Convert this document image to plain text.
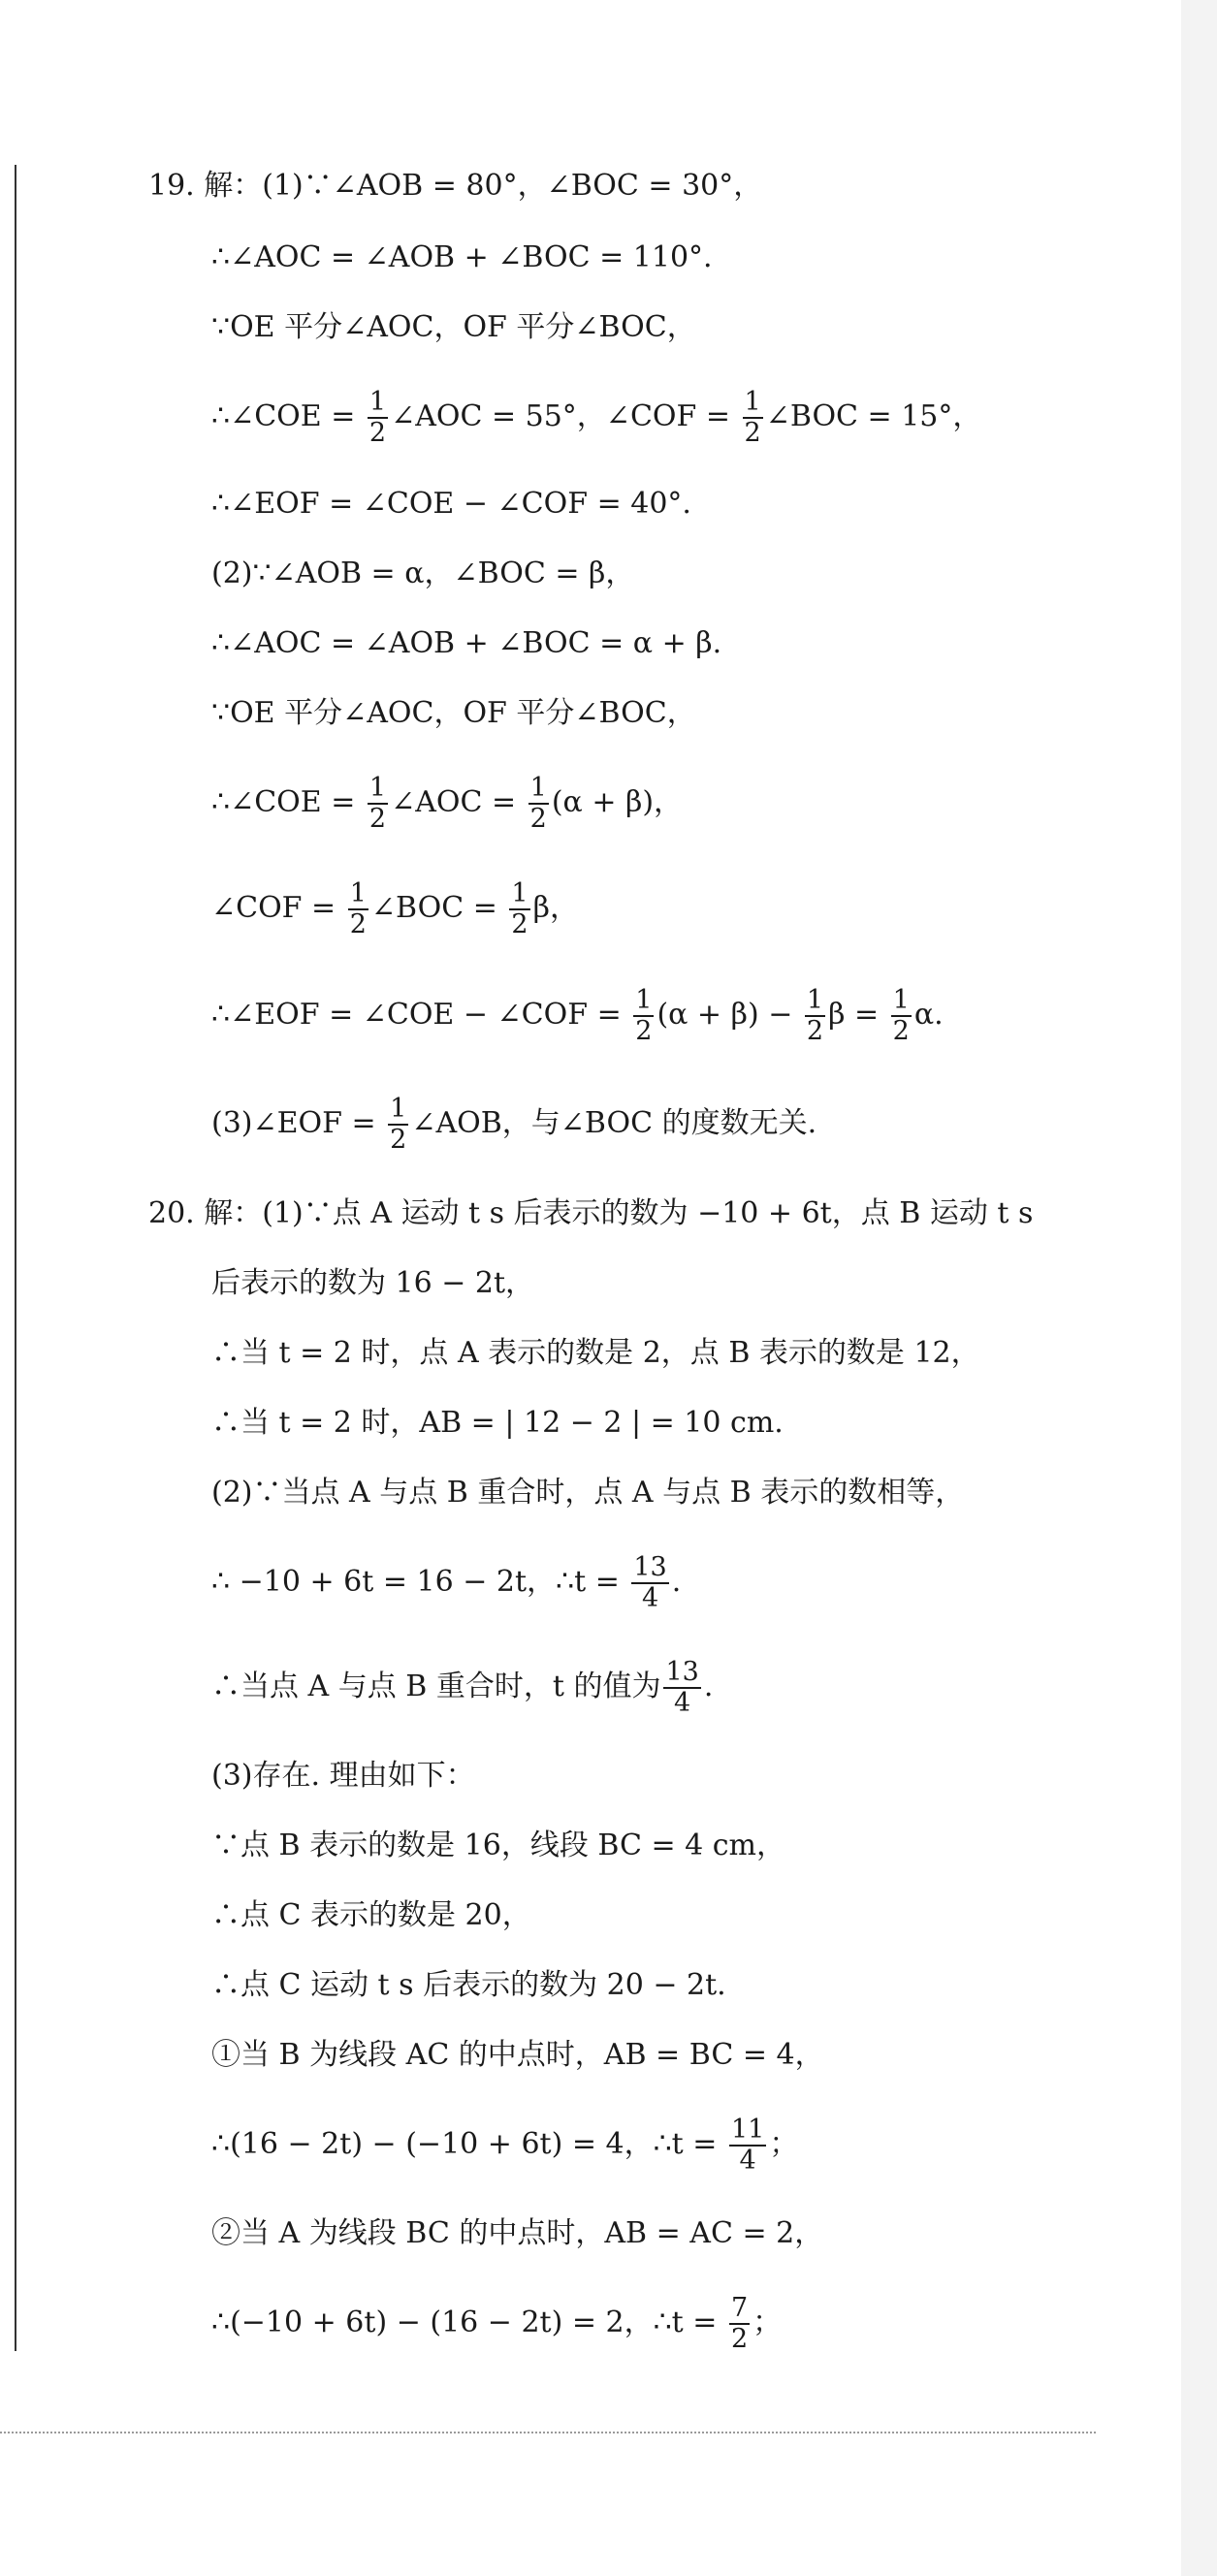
19. 解：(1)∵∠AOB = 80°，∠BOC = 30°，
∴∠AOC = ∠AOB + ∠BOC = 110°.
∵OE 平分∠AOC，OF 平分∠BOC，
∴∠COE = $\frac{1}{2}$ ∠AOC = 55°，∠COF = $\frac{1}{2}$ ∠BOC = 15°，
∴∠EOF = ∠COE − ∠COF = 40°.
(2)∵∠AOB = α，∠BOC = β，
∴∠AOC = ∠AOB + ∠BOC = α + β.
∵OE 平分∠AOC，OF 平分∠BOC，
∴∠COE = $\frac{1}{2}$ ∠AOC = $\frac{1}{2} (\alpha + \beta)$，
∠COF = $\frac{1}{2}$ ∠BOC = $\frac{1}{2}$ β，
∴∠EOF = ∠COE − ∠COF = $\frac{1}{2} (\alpha + \beta) - \frac{1}{2}$ $\beta = \frac{1}{2} \alpha$.
(3)∠EOF = $\frac{1}{2}$ ∠AOB，与∠BOC 的度数无关.
20. 解：(1)∵点 A 运动 t s 后表示的数为 −10 + 6t，点 B 运动 t s
后表示的数为 16 − 2t，
∴当 t = 2 时，点 A 表示的数是 2，点 B 表示的数是 12，
∴当 t = 2 时，AB = | 12 − 2 | = 10 cm.
(2)∵当点 A 与点 B 重合时，点 A 与点 B 表示的数相等，
∴ −10 + 6t = 16 − 2t，∴t = $\frac{13}{4}$ .
∴当点 A 与点 B 重合时，t 的值为 $\frac{13}{4}$ .
(3)存在. 理由如下：
∵点 B 表示的数是 16，线段 BC = 4 cm，
∴点 C 表示的数是 20，
∴点 C 运动 t s 后表示的数为 20 − 2t.
①当 B 为线段 AC 的中点时，AB = BC = 4，
∴(16 − 2t) − (−10 + 6t) = 4，∴t = $\frac{11}{4}$ ；
②当 A 为线段 BC 的中点时，AB = AC = 2，
∴(−10 + 6t) − (16 − 2t) = 2，∴t = $\frac{7}{2}$ ；
